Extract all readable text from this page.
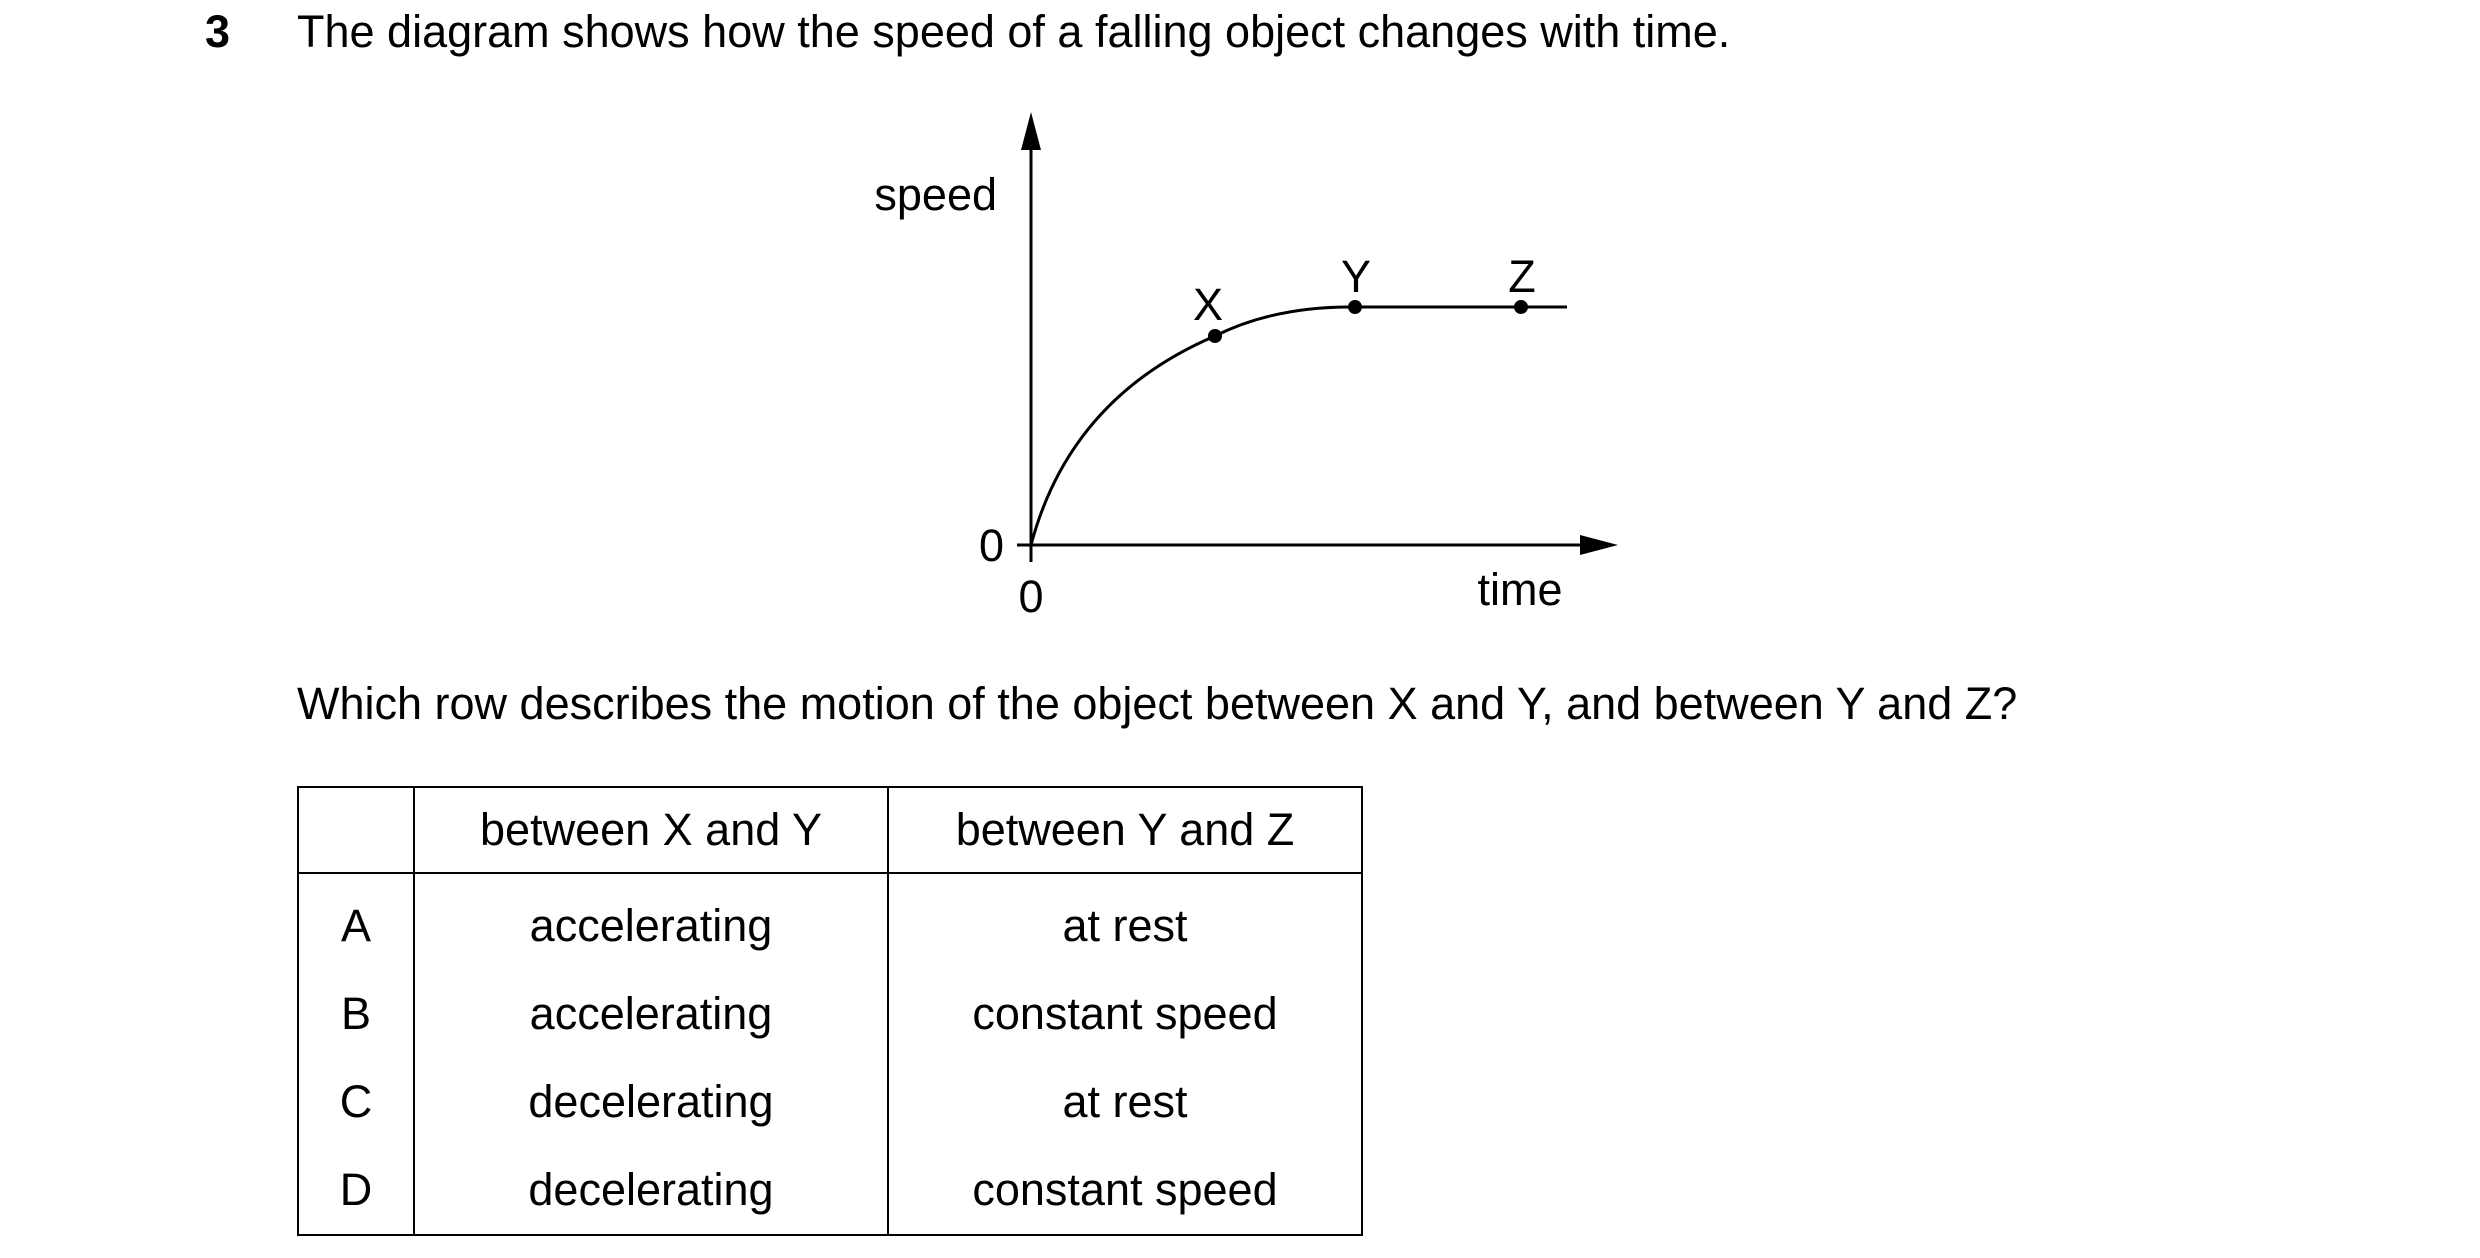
3 The diagram shows how the speed of a falling object changes with time.
speed
time
0
0
X
Y	Z
Which row describes the motion of the object between X and Y, and between Y and Z?
	between X and Y	between Y and Z
A	accelerating	at rest
B	accelerating	constant speed
C	decelerating	at rest
D	decelerating	constant speed
